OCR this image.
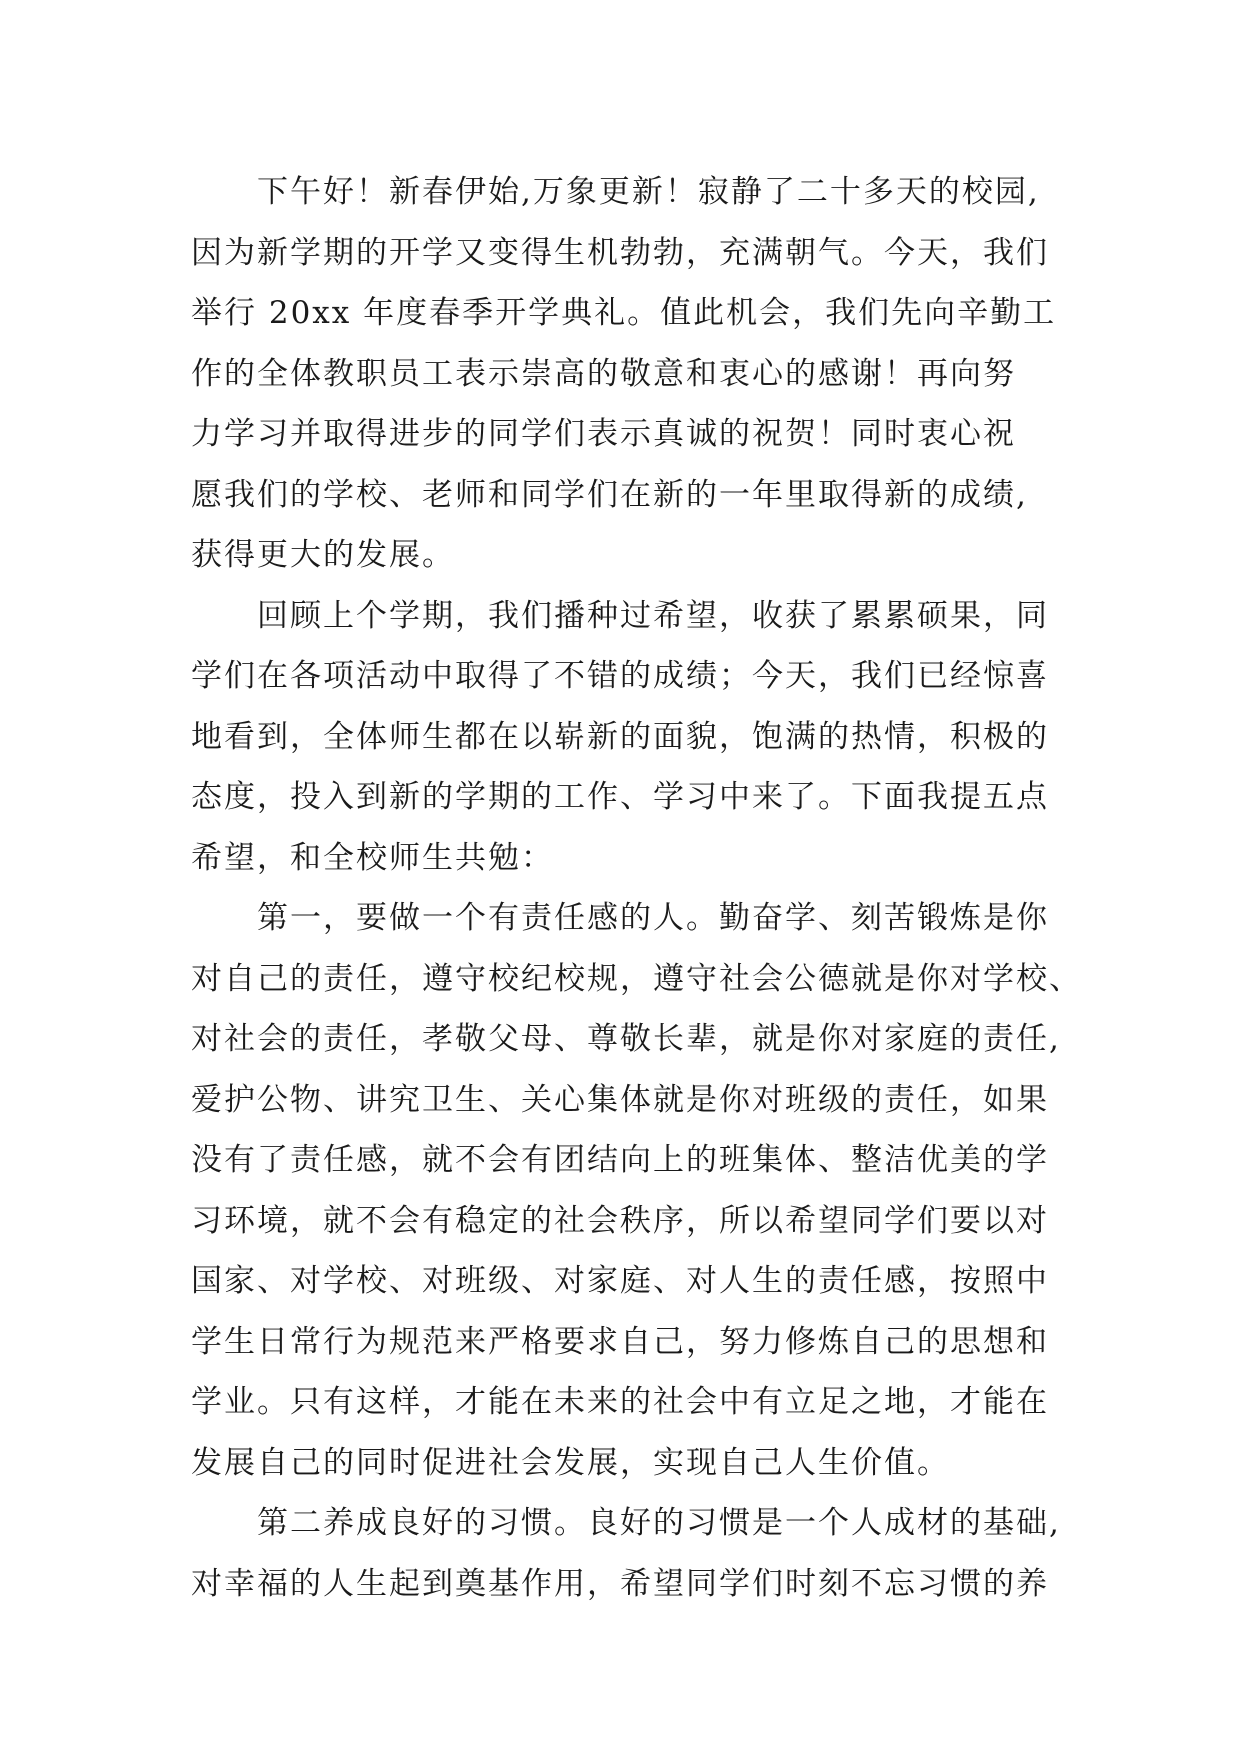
下午好！新春伊始,万象更新！寂静了二十多天的校园,
因为新学期的开学又变得生机勃勃，充满朝气。今天，我们
举行 20xx 年度春季开学典礼。值此机会，我们先向辛勤工
作的全体教职员工表示崇高的敬意和衷心的感谢！再向努
力学习并取得进步的同学们表示真诚的祝贺！同时衷心祝
愿我们的学校、老师和同学们在新的一年里取得新的成绩,
获得更大的发展。
回顾上个学期，我们播种过希望，收获了累累硕果，同
学们在各项活动中取得了不错的成绩；今天，我们已经惊喜
地看到，全体师生都在以崭新的面貌，饱满的热情，积极的
态度，投入到新的学期的工作、学习中来了。下面我提五点
希望，和全校师生共勉：
第一，要做一个有责任感的人。勤奋学、刻苦锻炼是你
对自己的责任，遵守校纪校规，遵守社会公德就是你对学校、
对社会的责任，孝敬父母、尊敬长辈，就是你对家庭的责任,
爱护公物、讲究卫生、关心集体就是你对班级的责任，如果
没有了责任感，就不会有团结向上的班集体、整洁优美的学
习环境，就不会有稳定的社会秩序，所以希望同学们要以对
国家、对学校、对班级、对家庭、对人生的责任感，按照中
学生日常行为规范来严格要求自己，努力修炼自己的思想和
学业。只有这样，才能在未来的社会中有立足之地，才能在
发展自己的同时促进社会发展，实现自己人生价值。
第二养成良好的习惯。良好的习惯是一个人成材的基础,
对幸福的人生起到奠基作用，希望同学们时刻不忘习惯的养
